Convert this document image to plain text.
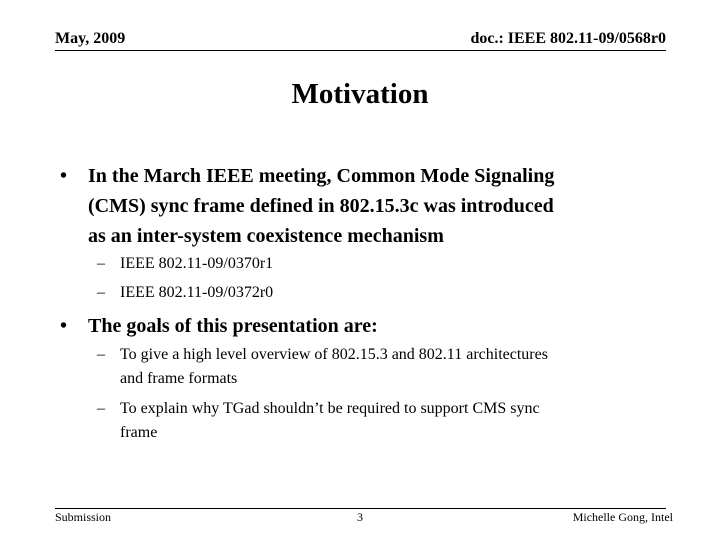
May, 2009	doc.: IEEE 802.11-09/0568r0
Motivation
• In the March IEEE meeting, Common Mode Signaling
(CMS) sync frame defined in 802.15.3c was introduced
as an inter-system coexistence mechanism
– IEEE 802.11-09/0370r1
– IEEE 802.11-09/0372r0
• The goals of this presentation are:
– To give a high level overview of 802.15.3 and 802.11 architectures
and frame formats
– To explain why TGad shouldn’t be required to support CMS sync
frame
Submission	3	Michelle Gong, Intel
